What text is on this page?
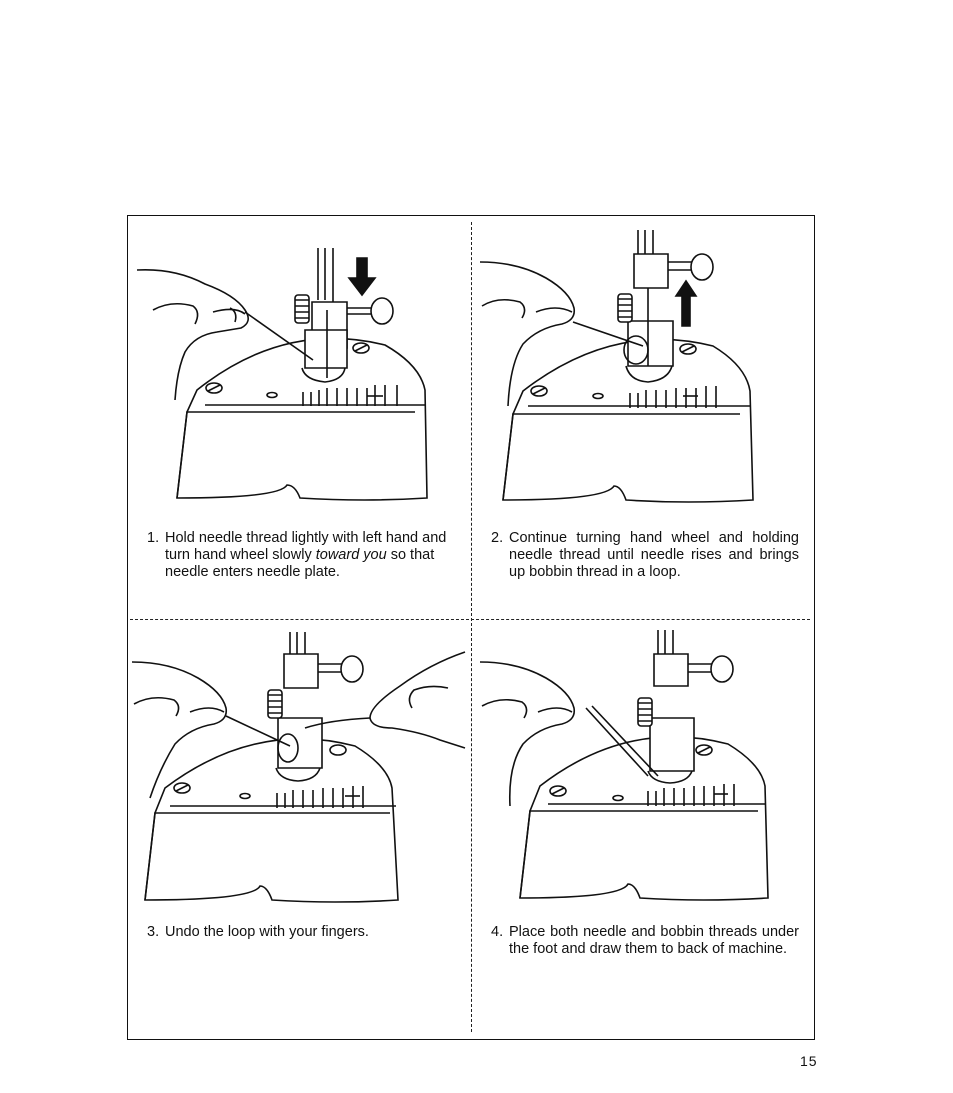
1. Hold needle thread lightly with left hand and turn hand wheel slowly toward you so that needle enters needle plate.
2. Continue turning hand wheel and holding needle thread until needle rises and brings up bobbin thread in a loop.
3. Undo the loop with your fingers.	4. Place both needle and bobbin threads under the foot and draw them to back of machine.
15
